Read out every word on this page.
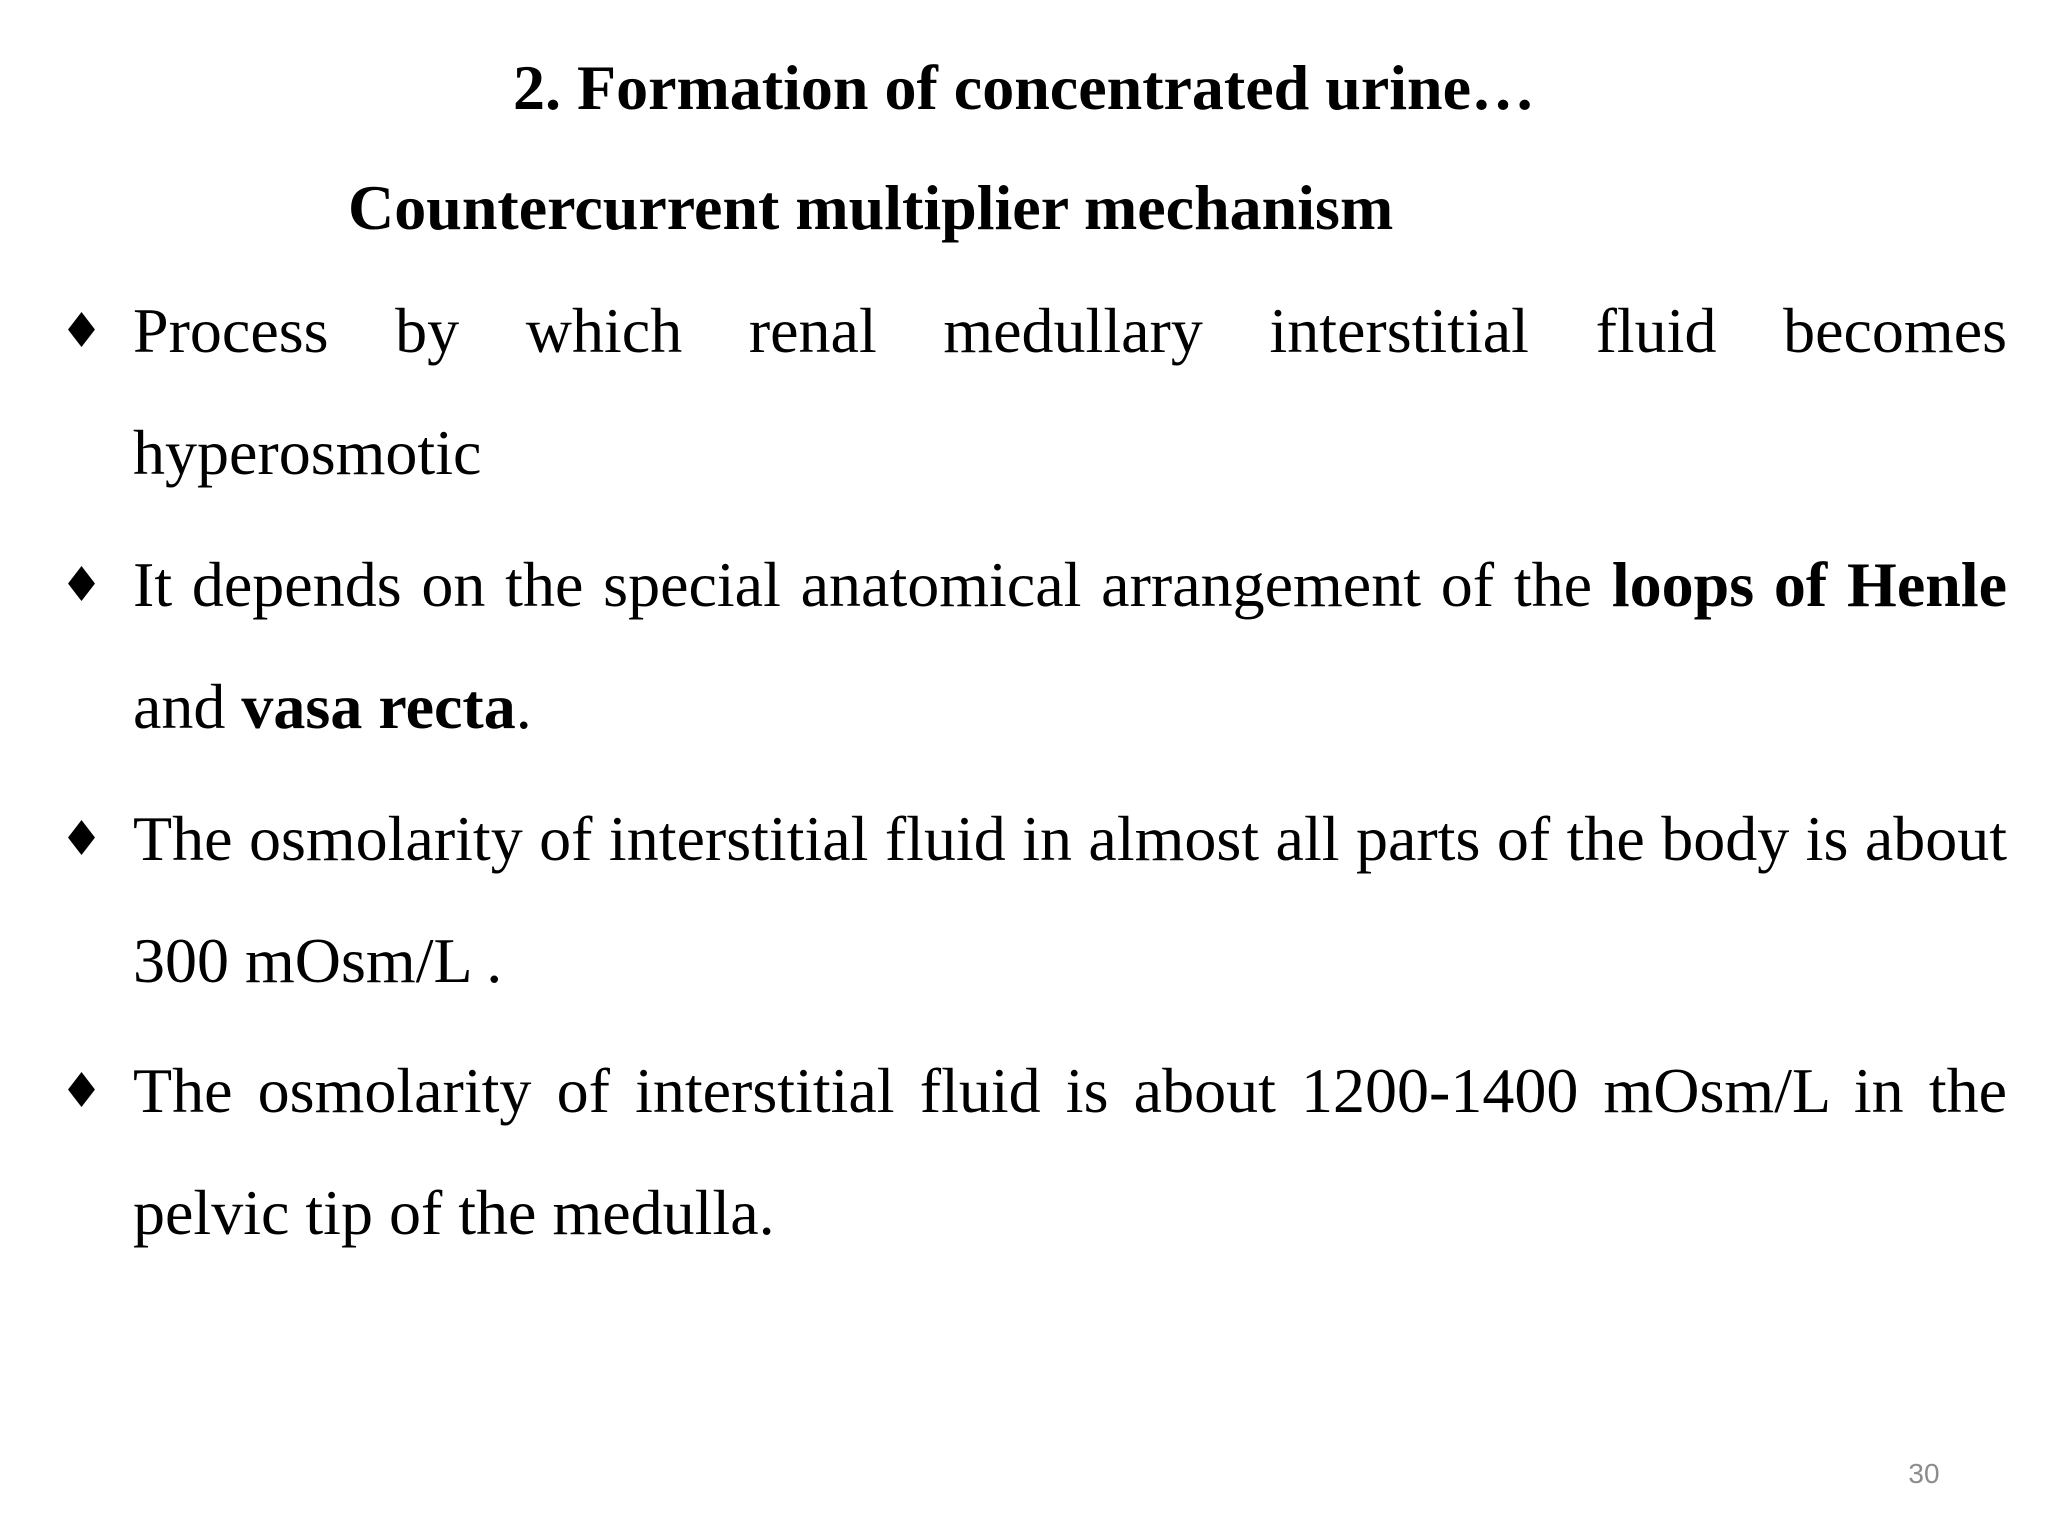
2. Formation of concentrated urine…
Countercurrent multiplier mechanism
♦ Process by which renal medullary interstitial fluid becomes hyperosmotic
♦ It depends on the special anatomical arrangement of the loops of Henle and vasa recta.
♦ The osmolarity of interstitial fluid in almost all parts of the body is about 300 mOsm/L .
♦ The osmolarity of interstitial fluid is about 1200-1400 mOsm/L in the pelvic tip of the medulla.
30
